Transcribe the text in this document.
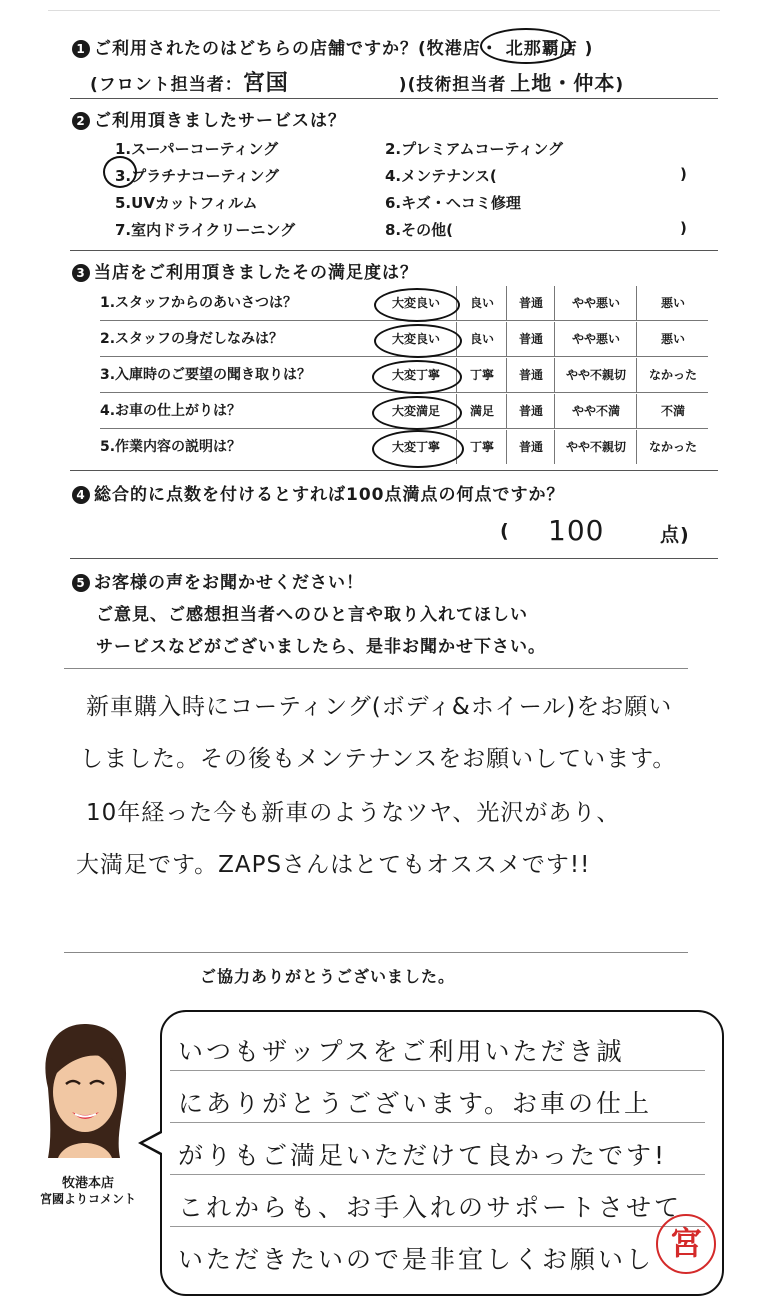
1 ご利用されたのはどちらの店舗ですか？(牧港店・ 北那覇店 )
(フロント担当者：宮国	)(技術担当者 上地・仲本)
2 ご利用頂きましたサービスは？
1.スーパーコーティング	2.プレミアムコーティング
3.プラチナコーティング	4.メンテナンス(	)
5.UVカットフィルム	6.キズ・ヘコミ修理
7.室内ドライクリーニング	8.その他(	)
3 当店をご利用頂きましたその満足度は？
1.スタッフからのあいさつは？	大変良い	良い	普通	やや悪い	悪い
2.スタッフの身だしなみは？	大変良い	良い	普通	やや悪い	悪い
3.入庫時のご要望の聞き取りは？	大変丁寧	丁寧	普通	やや不親切	なかった
4.お車の仕上がりは？	大変満足	満足	普通	やや不満	不満
5.作業内容の説明は？	大変丁寧	丁寧	普通	やや不親切	なかった
4 総合的に点数を付けるとすれば100点満点の何点ですか？
( 100	点)
5 お客様の声をお聞かせください！
ご意見、ご感想担当者へのひと言や取り入れてほしい
サービスなどがございましたら、是非お聞かせ下さい。
新車購入時にコーティング(ボディ&ホイール)をお願い
しました。その後もメンテナンスをお願いしています。
10年経った今も新車のようなツヤ、光沢があり、
大満足です。ZAPSさんはとてもオススメです!!
ご協力ありがとうございました。
牧港本店
宮國よりコメント
いつもザップスをご利用いただき誠
にありがとうございます。お車の仕上
がりもご満足いただけて良かったです!
これからも、お手入れのサポートさせて
いただきたいので是非宜しくお願いし 宮
